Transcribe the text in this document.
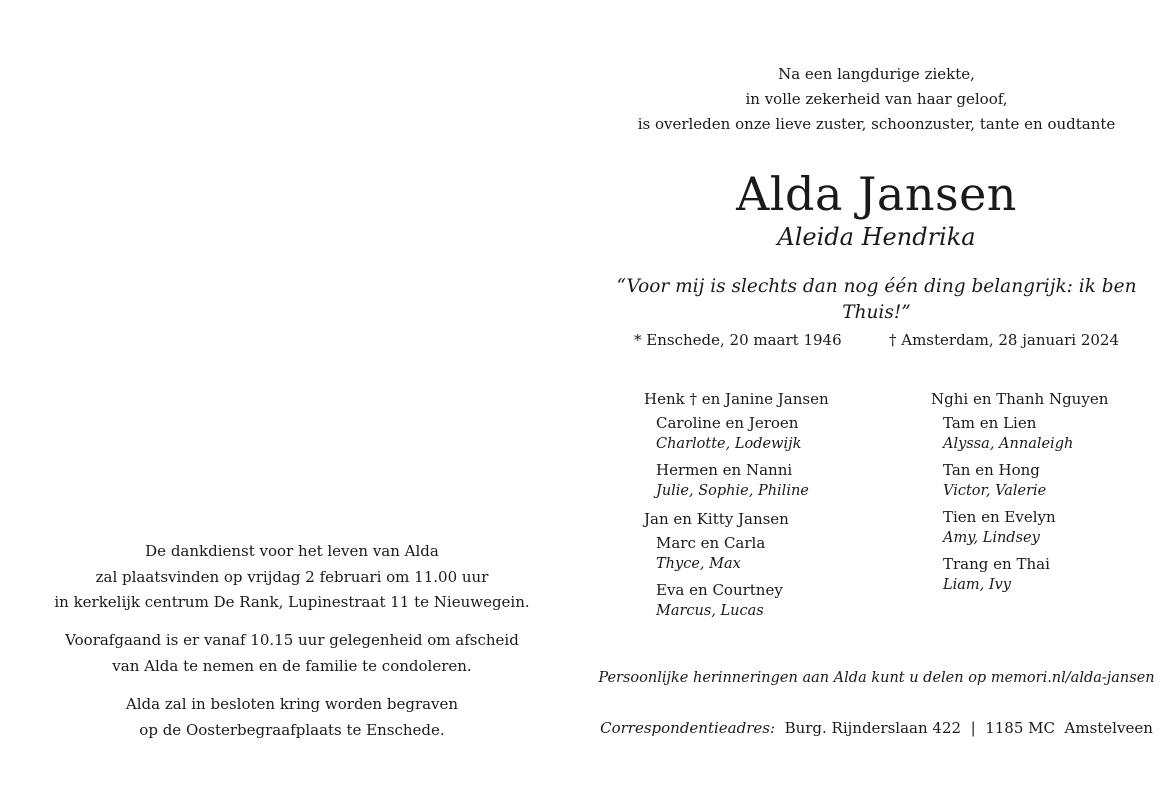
De dankdienst voor het leven van Alda
zal plaatsvinden op vrijdag 2 februari om 11.00 uur
in kerkelijk centrum De Rank, Lupinestraat 11 te Nieuwegein.
Voorafgaand is er vanaf 10.15 uur gelegenheid om afscheid
van Alda te nemen en de familie te condoleren.
Alda zal in besloten kring worden begraven
op de Oosterbegraafplaats te Enschede.
Na een langdurige ziekte,
in volle zekerheid van haar geloof,
is overleden onze lieve zuster, schoonzuster, tante en oudtante
Alda Jansen
Aleida Hendrika
“Voor mij is slechts dan nog één ding belangrijk: ik ben Thuis!”
* Enschede, 20 maart 1946	† Amsterdam, 28 januari 2024
Henk † en Janine Jansen
Caroline en Jeroen
Charlotte, Lodewijk
Hermen en Nanni
Julie, Sophie, Philine
Jan en Kitty Jansen
Marc en Carla
Thyce, Max
Eva en Courtney
Marcus, Lucas
Nghi en Thanh Nguyen
Tam en Lien
Alyssa, Annaleigh
Tan en Hong
Victor, Valerie
Tien en Evelyn
Amy, Lindsey
Trang en Thai
Liam, Ivy
Persoonlijke herinneringen aan Alda kunt u delen op memori.nl/alda-jansen
Correspondentieadres: Burg. Rijnderslaan 422 | 1185 MC  Amstelveen
